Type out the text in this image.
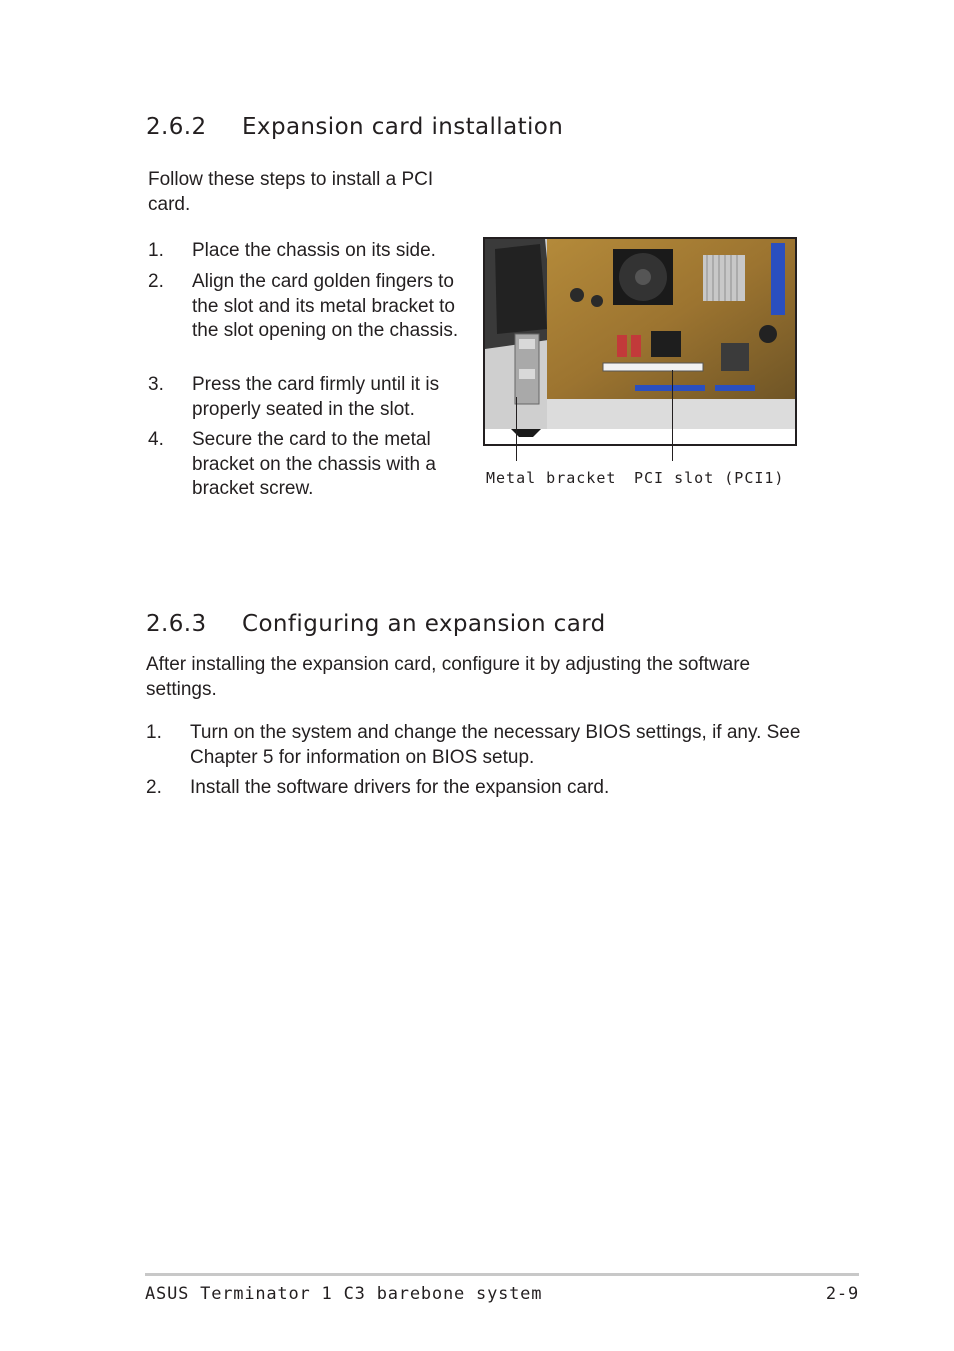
2.6.2 Expansion card installation
Follow these steps to install a PCI card.
1. Place the chassis on its side.
2. Align the card golden fingers to the slot and its metal bracket to the slot opening on the chassis.
3. Press the card firmly until it is properly seated in the slot.
4. Secure the card to the metal bracket on the chassis with a bracket screw.	Metal bracket PCI slot (PCI1)
2.6.3 Configuring an expansion card
After installing the expansion card, configure it by adjusting the software settings.
1. Turn on the system and change the necessary BIOS settings, if any. See Chapter 5 for information on BIOS setup.
2. Install the software drivers for the expansion card.
ASUS Terminator 1 C3 barebone system	2-9
